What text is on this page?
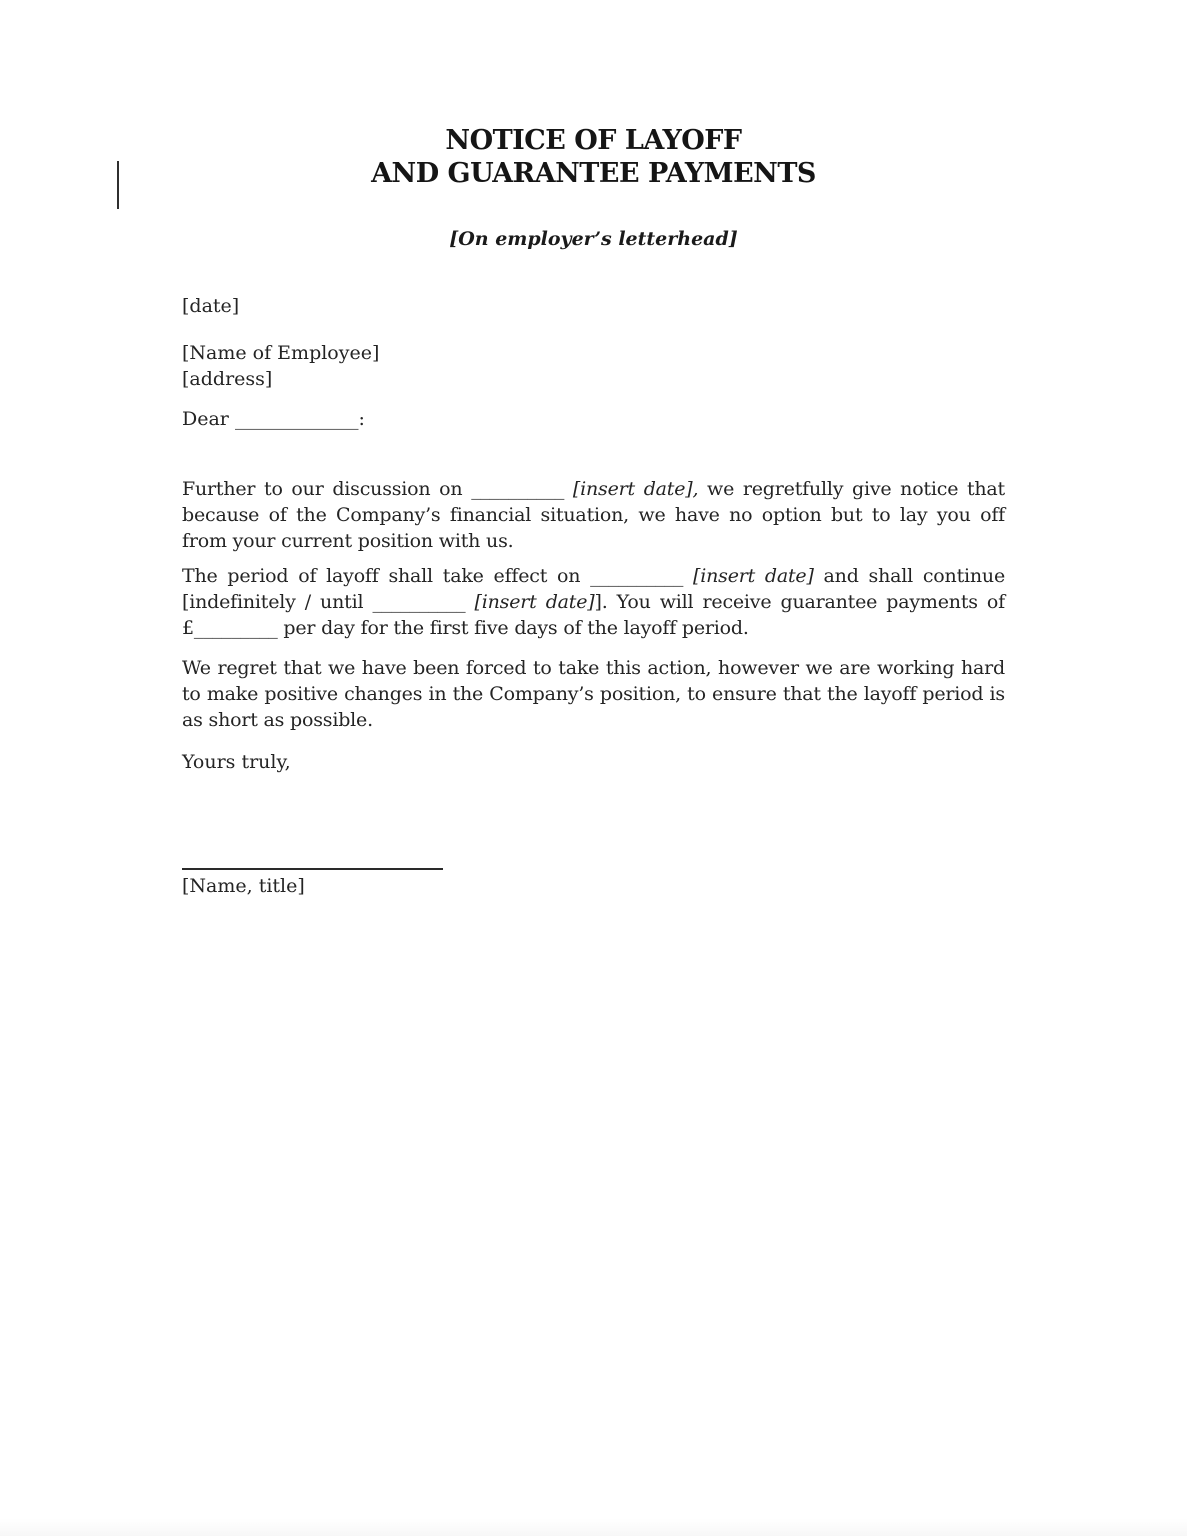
NOTICE OF LAYOFF
AND GUARANTEE PAYMENTS
[On employer’s letterhead]
[date]
[Name of Employee]
[address]
Dear _____________:

Further to our discussion on __________ [insert date], we regretfully give notice that because of the Company’s financial situation, we have no option but to lay you off from your current position with us.

The period of layoff shall take effect on __________ [insert date] and shall continue [indefinitely / until __________ [insert date]]. You will receive guarantee payments of £_________ per day for the first five days of the layoff period.

We regret that we have been forced to take this action, however we are working hard to make positive changes in the Company’s position, to ensure that the layoff period is as short as possible.

Yours truly,
[Name, title]
